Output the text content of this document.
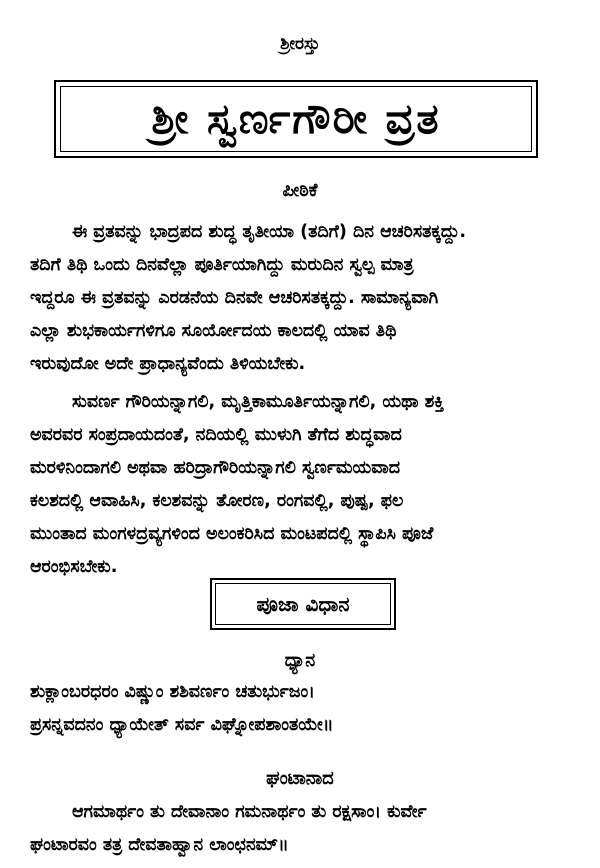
ಶ್ರೀರಸ್ತು
ಶ್ರೀ ಸ್ವರ್ಣಗೌರೀ ವ್ರತ
ಪೀಠಿಕೆ
ಈ ವ್ರತವನ್ನು ಭಾದ್ರಪದ ಶುದ್ಧ ತೃತೀಯಾ (ತದಿಗೆ) ದಿನ ಆಚರಿಸತಕ್ಕದ್ದು.
ತದಿಗೆ ತಿಥಿ ಒಂದು ದಿನವೆಲ್ಲಾ ಪೂರ್ತಿಯಾಗಿದ್ದು ಮರುದಿನ ಸ್ವಲ್ಪ ಮಾತ್ರ
ಇದ್ದರೂ ಈ ವ್ರತವನ್ನು ಎರಡನೆಯ ದಿನವೇ ಆಚರಿಸತಕ್ಕದ್ದು. ಸಾಮಾನ್ಯವಾಗಿ
ಎಲ್ಲಾ ಶುಭಕಾರ್ಯಗಳಿಗೂ ಸೂರ್ಯೋದಯ ಕಾಲದಲ್ಲಿ ಯಾವ ತಿಥಿ
ಇರುವುದೋ ಅದೇ ಪ್ರಾಧಾನ್ಯವೆಂದು ತಿಳಿಯಬೇಕು.
ಸುವರ್ಣ ಗೌರಿಯನ್ನಾಗಲಿ, ಮೃತ್ತಿಕಾಮೂರ್ತಿಯನ್ನಾಗಲಿ, ಯಥಾ ಶಕ್ತಿ
ಅವರವರ ಸಂಪ್ರದಾಯದಂತೆ, ನದಿಯಲ್ಲಿ ಮುಳುಗಿ ತೆಗೆದ ಶುದ್ಧವಾದ
ಮರಳಿನಿಂದಾಗಲಿ ಅಥವಾ ಹರಿದ್ರಾಗೌರಿಯನ್ನಾಗಲಿ ಸ್ವರ್ಣಮಯವಾದ
ಕಲಶದಲ್ಲಿ ಆವಾಹಿಸಿ, ಕಲಶವನ್ನು ತೋರಣ, ರಂಗವಲ್ಲಿ, ಪುಷ್ಪ, ಫಲ
ಮುಂತಾದ ಮಂಗಳದ್ರವ್ಯಗಳಿಂದ ಅಲಂಕರಿಸಿದ ಮಂಟಪದಲ್ಲಿ ಸ್ಥಾಪಿಸಿ ಪೂಜೆ
ಆರಂಭಿಸಬೇಕು.
ಪೂಜಾ ವಿಧಾನ
ಧ್ಯಾನ
ಶುಕ್ಲಾಂಬರಧರಂ ವಿಷ್ಣುಂ ಶಶಿವರ್ಣಂ ಚತುರ್ಭುಜಂ।
ಪ್ರಸನ್ನವದನಂ ಧ್ಯಾಯೇತ್ ಸರ್ವ ವಿಘ್ನೋಪಶಾಂತಯೇ॥
ಘಂಟಾನಾದ
ಆಗಮಾರ್ಥಂ ತು ದೇವಾನಾಂ ಗಮನಾರ್ಥಂ ತು ರಕ್ಷಸಾಂ। ಕುರ್ವೇ
ಘಂಟಾರವಂ ತತ್ರ ದೇವತಾಹ್ವಾನ ಲಾಂಛನಮ್॥
